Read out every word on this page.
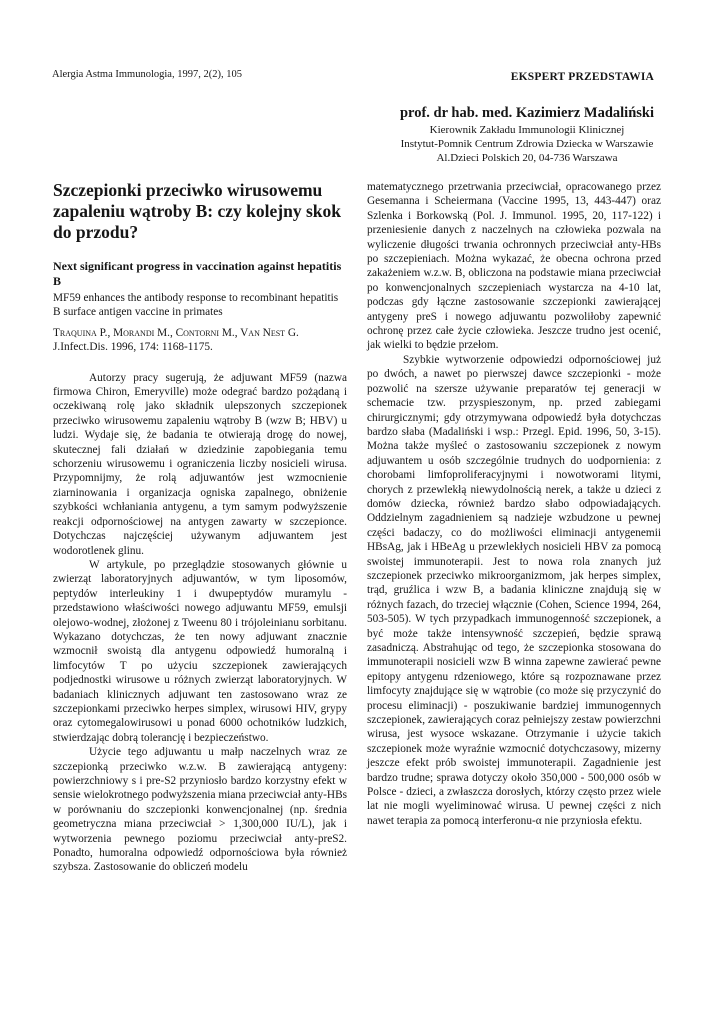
Alergia Astma Immunologia, 1997, 2(2), 105	EKSPERT PRZEDSTAWIA
prof. dr hab. med. Kazimierz Madaliński
Kierownik Zakładu Immunologii Klinicznej
Instytut-Pomnik Centrum Zdrowia Dziecka w Warszawie
Al.Dzieci Polskich 20, 04-736 Warszawa
Szczepionki przeciwko wirusowemu zapaleniu wątroby B: czy kolejny skok do przodu?
Next significant progress in vaccination against hepatitis B
MF59 enhances the antibody response to recombinant hepatitis B surface antigen vaccine in primates
Traquina P., Morandi M., Contorni M., Van Nest G. J.Infect.Dis. 1996, 174: 1168-1175.

Autorzy pracy sugerują, że adjuwant MF59 (nazwa firmowa Chiron, Emeryville) może odegrać bardzo pożądaną i oczekiwaną rolę jako składnik ulepszonych szczepionek przeciwko wirusowemu zapaleniu wątroby B (wzw B; HBV) u ludzi. Wydaje się, że badania te otwierają drogę do nowej, skutecznej fali działań w dziedzinie zapobiegania temu schorzeniu wirusowemu i ograniczenia liczby nosicieli wirusa. Przypomnijmy, że rolą adjuwantów jest wzmocnienie ziarninowania i organizacja ogniska zapalnego, obniżenie szybkości wchłaniania antygenu, a tym samym podwyższenie reakcji odpornościowej na antygen zawarty w szczepionce. Dotychczas najczęściej używanym adjuwantem jest wodorotlenek glinu.

W artykule, po przeglądzie stosowanych głównie u zwierząt laboratoryjnych adjuwantów, w tym liposomów, peptydów interleukiny 1 i dwupeptydów muramylu - przedstawiono właściwości nowego adjuwantu MF59, emulsji olejowo-wodnej, złożonej z Tweenu 80 i trójoleinianu sorbitanu. Wykazano dotychczas, że ten nowy adjuwant znacznie wzmocnił swoistą dla antygenu odpowiedź humoralną i limfocytów T po użyciu szczepionek zawierających podjednostki wirusowe u różnych zwierząt laboratoryjnych. W badaniach klinicznych adjuwant ten zastosowano wraz ze szczepionkami przeciwko herpes simplex, wirusowi HIV, grypy oraz cytomegalowirusowi u ponad 6000 ochotników ludzkich, stwierdzając dobrą tolerancję i bezpieczeństwo.

Użycie tego adjuwantu u małp naczelnych wraz ze szczepionką przeciwko w.z.w. B zawierającą antygeny: powierzchniowy s i pre-S2 przyniosło bardzo korzystny efekt w sensie wielokrotnego podwyższenia miana przeciwciał anty-HBs w porównaniu do szczepionki konwencjonalnej (np. średnia geometryczna miana przeciwciał > 1,300,000 IU/L), jak i wytworzenia pewnego poziomu przeciwciał anty-preS2. Ponadto, humoralna odpowiedź odpornościowa była również szybsza. Zastosowanie do obliczeń modelu

matematycznego przetrwania przeciwciał, opracowanego przez Gesemanna i Scheiermana (Vaccine 1995, 13, 443-447) oraz Szlenka i Borkowską (Pol. J. Immunol. 1995, 20, 117-122) i przeniesienie danych z naczelnych na człowieka pozwala na wyliczenie długości trwania ochronnych przeciwciał anty-HBs po szczepieniach. Można wykazać, że obecna ochrona przed zakażeniem w.z.w. B, obliczona na podstawie miana przeciwciał po konwencjonalnych szczepieniach wystarcza na 4-10 lat, podczas gdy łączne zastosowanie szczepionki zawierającej antygeny preS i nowego adjuwantu pozwoliłoby zapewnić ochronę przez całe życie człowieka. Jeszcze trudno jest ocenić, jak wielki to będzie przełom.

Szybkie wytworzenie odpowiedzi odpornościowej już po dwóch, a nawet po pierwszej dawce szczepionki - może pozwolić na szersze używanie preparatów tej generacji w schemacie tzw. przyspieszonym, np. przed zabiegami chirurgicznymi; gdy otrzymywana odpowiedź była dotychczas bardzo słaba (Madaliński i wsp.: Przegl. Epid. 1996, 50, 3-15). Można także myśleć o zastosowaniu szczepionek z nowym adjuwantem u osób szczególnie trudnych do uodpornienia: z chorobami limfoproliferacyjnymi i nowotworami litymi, chorych z przewlekłą niewydolnością nerek, a także u dzieci z domów dziecka, również bardzo słabo odpowiadających. Oddzielnym zagadnieniem są nadzieje wzbudzone u pewnej części badaczy, co do możliwości eliminacji antygenemii HBsAg, jak i HBeAg u przewlekłych nosicieli HBV za pomocą swoistej immunoterapii. Jest to nowa rola znanych już szczepionek przeciwko mikroorganizmom, jak herpes simplex, trąd, gruźlica i wzw B, a badania kliniczne znajdują się w różnych fazach, do trzeciej włącznie (Cohen, Science 1994, 264, 503-505). W tych przypadkach immunogenność szczepionek, a być może także intensywność szczepień, będzie sprawą zasadniczą. Abstrahując od tego, że szczepionka stosowana do immunoterapii nosicieli wzw B winna zapewne zawierać pewne epitopy antygenu rdzeniowego, które są rozpoznawane przez limfocyty znajdujące się w wątrobie (co może się przyczynić do procesu eliminacji) - poszukiwanie bardziej immunogennych szczepionek, zawierających coraz pełniejszy zestaw powierzchni wirusa, jest wysoce wskazane. Otrzymanie i użycie takich szczepionek może wyraźnie wzmocnić dotychczasowy, mizerny jeszcze efekt prób swoistej immunoterapii. Zagadnienie jest bardzo trudne; sprawa dotyczy około 350,000 - 500,000 osób w Polsce - dzieci, a zwłaszcza dorosłych, którzy często przez wiele lat nie mogli wyeliminować wirusa. U pewnej części z nich nawet terapia za pomocą interferonu-α nie przyniosła efektu.
